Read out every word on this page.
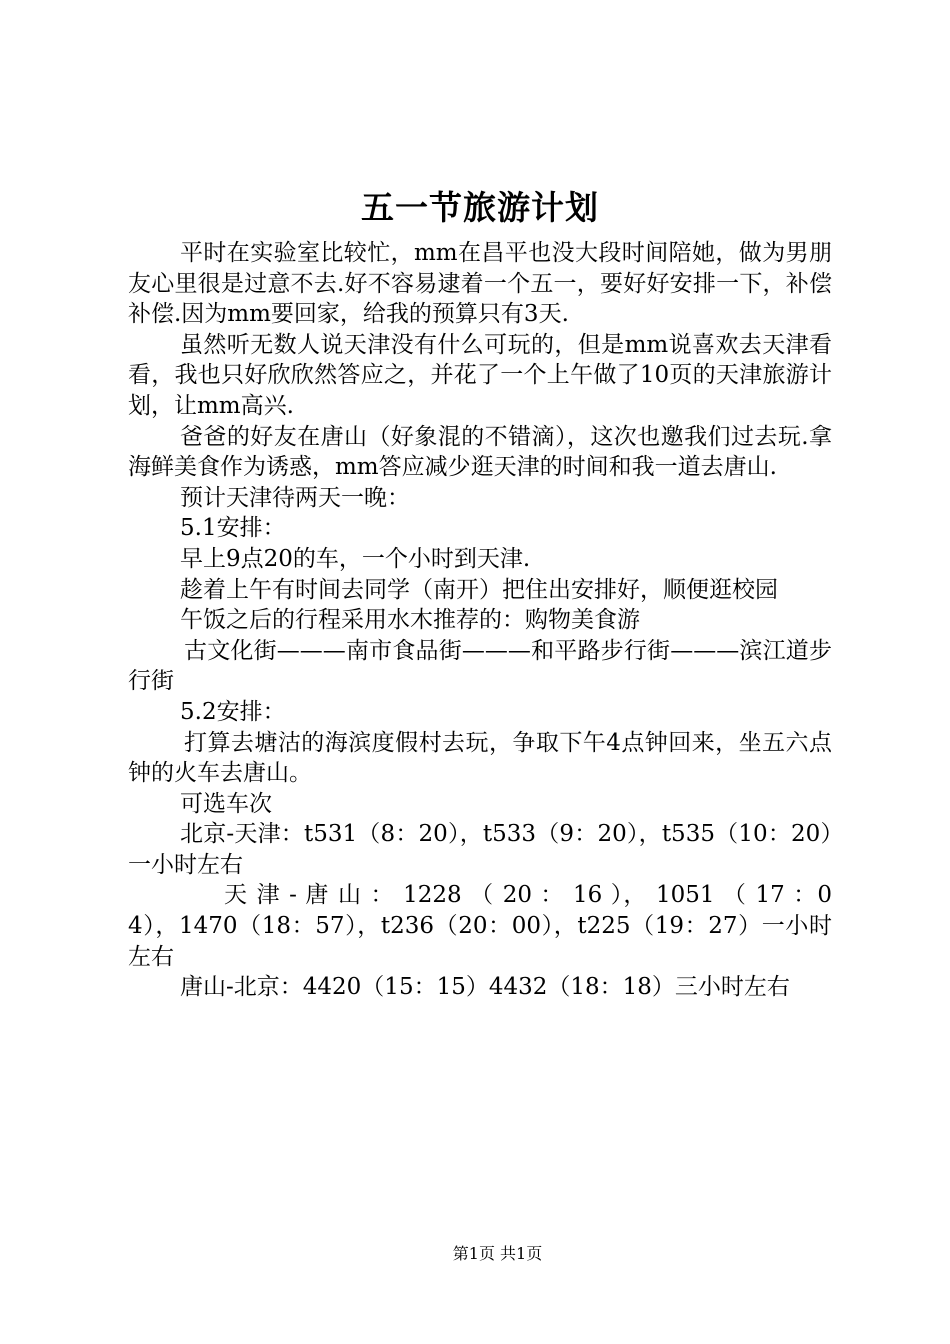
五一节旅游计划

平时在实验室比较忙，mm在昌平也没大段时间陪她，做为男朋友心里很是过意不去.好不容易逮着一个五一，要好好安排一下，补偿补偿.因为mm要回家，给我的预算只有3天.

虽然听无数人说天津没有什么可玩的，但是mm说喜欢去天津看看，我也只好欣欣然答应之，并花了一个上午做了10页的天津旅游计划，让mm高兴.

爸爸的好友在唐山（好象混的不错滴），这次也邀我们过去玩.拿海鲜美食作为诱惑，mm答应减少逛天津的时间和我一道去唐山.

预计天津待两天一晚：

5.1安排：

早上9点20的车，一个小时到天津.

趁着上午有时间去同学（南开）把住出安排好，顺便逛校园

午饭之后的行程采用水木推荐的：购物美食游

古文化街———南市食品街———和平路步行街———滨江道步行街

5.2安排：

打算去塘沽的海滨度假村去玩，争取下午4点钟回来，坐五六点钟的火车去唐山。

可选车次

北京-天津：t531（8：20），t533（9：20），t535（10：20）一小时左右

天 津 - 唐 山 ： 1228 （ 20 ： 16 ）， 1051 （ 17 ：04），1470（18：57），t236（20：00），t225（19：27）一小时左右

唐山-北京：4420（15：15）4432（18：18）三小时左右

第1页 共1页
